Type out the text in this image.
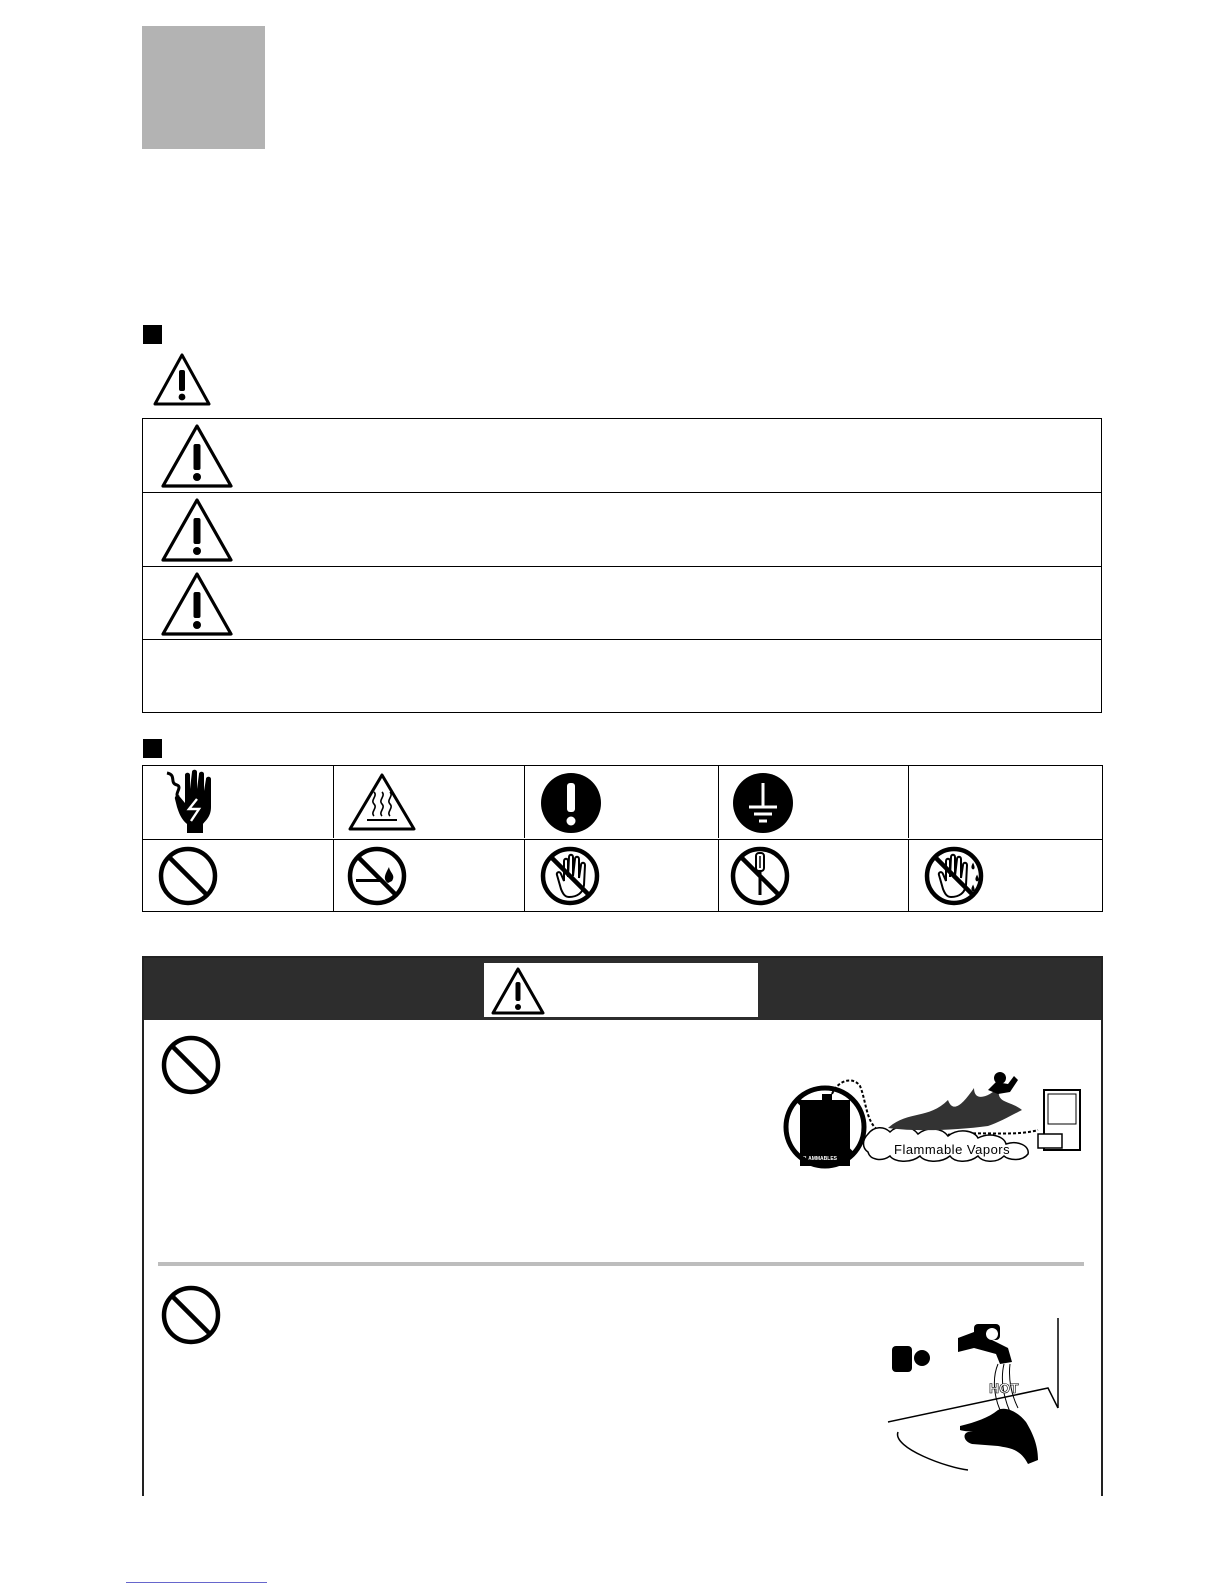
FLAMMABLES
Flammable Vapors
HOT
